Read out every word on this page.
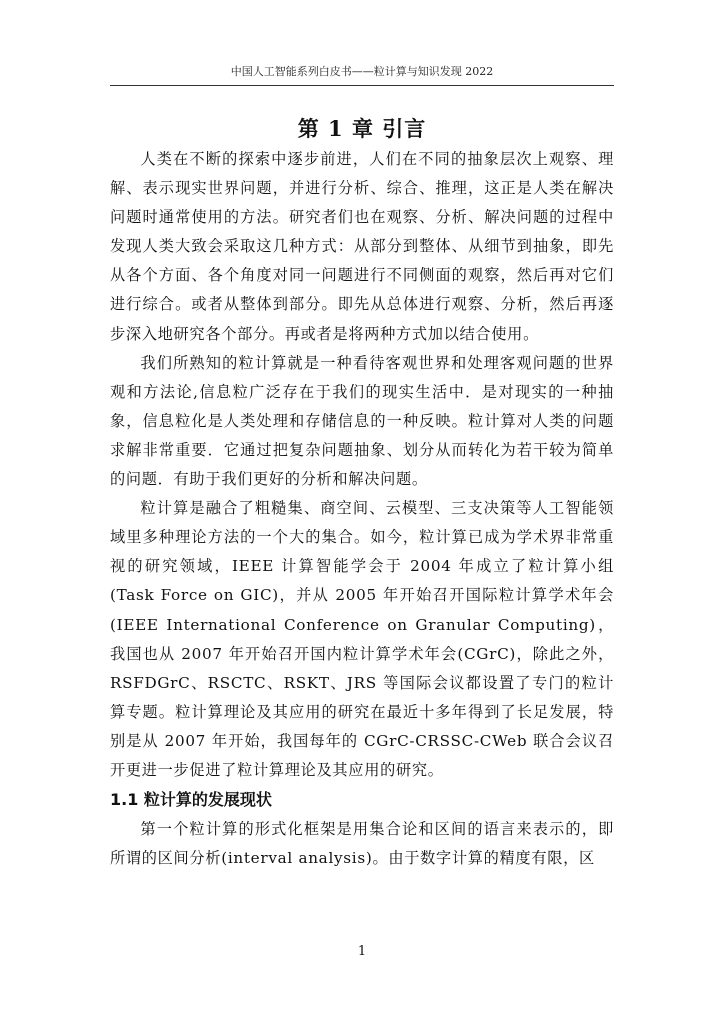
中国人工智能系列白皮书——粒计算与知识发现 2022
第 1 章 引言

人类在不断的探索中逐步前进，人们在不同的抽象层次上观察、理解、表示现实世界问题，并进行分析、综合、推理，这正是人类在解决问题时通常使用的方法。研究者们也在观察、分析、解决问题的过程中发现人类大致会采取这几种方式：从部分到整体、从细节到抽象，即先从各个方面、各个角度对同一问题进行不同侧面的观察，然后再对它们进行综合。或者从整体到部分。即先从总体进行观察、分析，然后再逐步深入地研究各个部分。再或者是将两种方式加以结合使用。

我们所熟知的粒计算就是一种看待客观世界和处理客观问题的世界观和方法论,信息粒广泛存在于我们的现实生活中．是对现实的一种抽象，信息粒化是人类处理和存储信息的一种反映。粒计算对人类的问题求解非常重要．它通过把复杂问题抽象、划分从而转化为若干较为简单的问题．有助于我们更好的分析和解决问题。

粒计算是融合了粗糙集、商空间、云模型、三支决策等人工智能领域里多种理论方法的一个大的集合。如今，粒计算已成为学术界非常重视的研究领域，IEEE 计算智能学会于 2004 年成立了粒计算小组(Task Force on GIC)，并从 2005 年开始召开国际粒计算学术年会(IEEE International Conference on Granular Computing)，我国也从 2007 年开始召开国内粒计算学术年会(CGrC)，除此之外，RSFDGrC、RSCTC、RSKT、JRS 等国际会议都设置了专门的粒计算专题。粒计算理论及其应用的研究在最近十多年得到了长足发展，特别是从 2007 年开始，我国每年的 CGrC-CRSSC-CWeb 联合会议召开更进一步促进了粒计算理论及其应用的研究。

1.1 粒计算的发展现状

第一个粒计算的形式化框架是用集合论和区间的语言来表示的，即所谓的区间分析(interval analysis)。由于数字计算的精度有限，区

1
